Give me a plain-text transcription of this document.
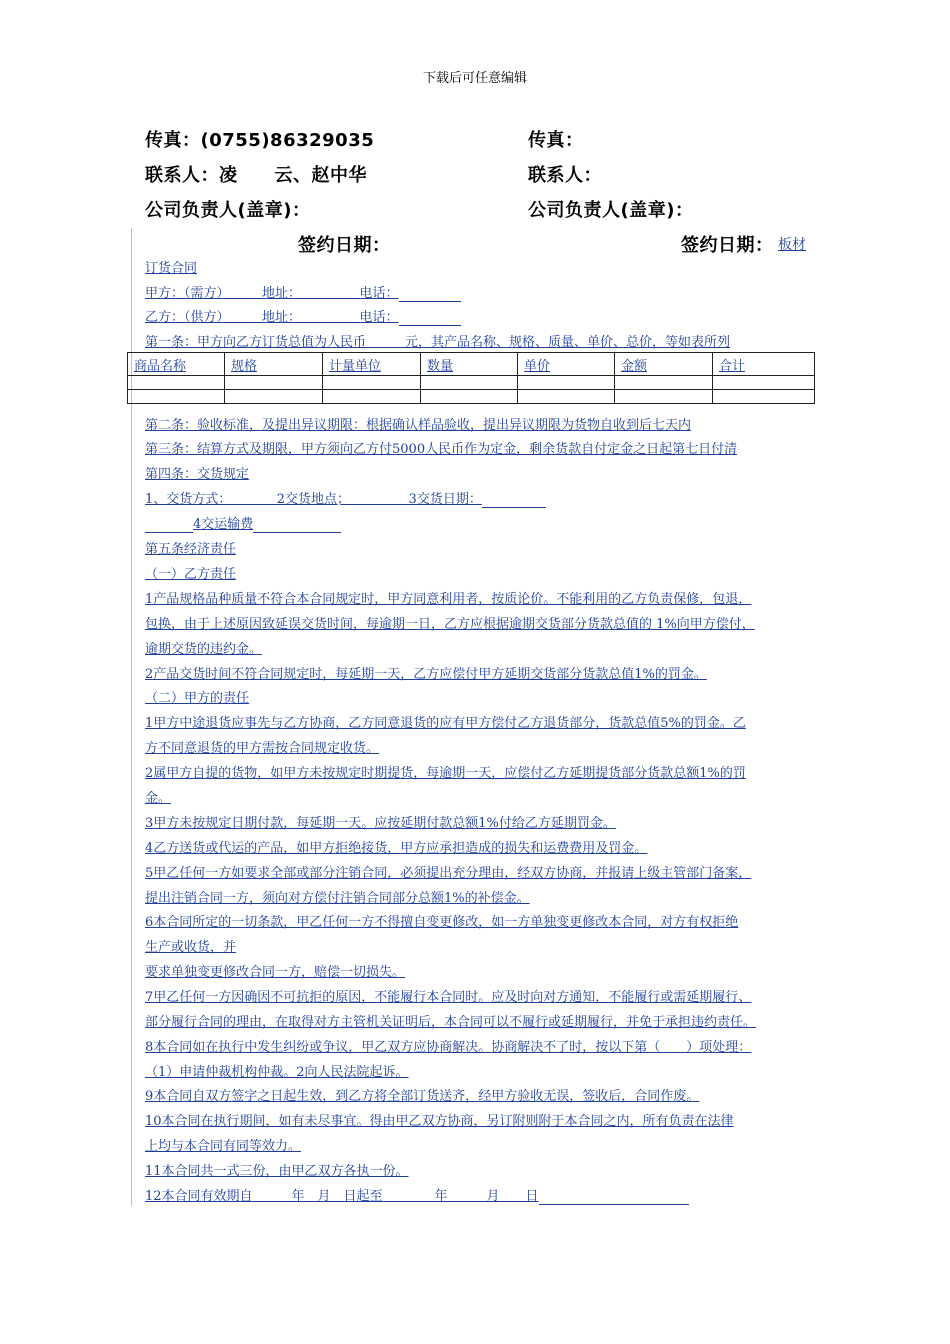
下载后可任意编辑
传真：(0755)86329035	传真：
联系人：凌　　云、赵中华	联系人：
公司负责人(盖章)：	公司负责人(盖章)：
签约日期：	签约日期： 板材
订货合同
甲方：（需方）　　　地址：　　　　　电话：
乙方：（供方）　　　地址：　　　　　电话：
第一条：甲方向乙方订货总值为人民币　　　元，其产品名称、规格、质量、单价、总价，等如表所列
商品名称	规格	计量单位	数量	单价	金额	合计

第二条：验收标准，及提出异议期限：根据确认样品验收，提出异议期限为货物自收到后七天内
第三条：结算方式及期限，甲方须向乙方付5000人民币作为定金，剩余货款自付定金之日起第七日付清
第四条：交货规定
1、交货方式：　　　　2交货地点；　　　　　3交货日期：
4交运输费
第五条经济责任
（一）乙方责任
1产品规格品种质量不符合本合同规定时，甲方同意利用者，按质论价。不能利用的乙方负责保修，包退，
包换，由于上述原因致延误交货时间，每逾期一日，乙方应根据逾期交货部分货款总值的 1%向甲方偿付，
逾期交货的违约金。
2产品交货时间不符合同规定时，每延期一天，乙方应偿付甲方延期交货部分货款总值1%的罚金。
（二）甲方的责任
1甲方中途退货应事先与乙方协商，乙方同意退货的应有甲方偿付乙方退货部分，货款总值5%的罚金。乙
方不同意退货的甲方需按合同规定收货。
2属甲方自提的货物，如甲方未按规定时期提货，每逾期一天，应偿付乙方延期提货部分货款总额1%的罚
金。
3甲方未按规定日期付款，每延期一天。应按延期付款总额1%付给乙方延期罚金。
4乙方送货或代运的产品，如甲方拒绝接货，甲方应承担造成的损失和运费费用及罚金。
5甲乙任何一方如要求全部或部分注销合同，必须提出充分理由，经双方协商，并报请上级主管部门备案，
提出注销合同一方，须向对方偿付注销合同部分总额1%的补偿金。
6本合同所定的一切条款，甲乙任何一方不得擅自变更修改，如一方单独变更修改本合同，对方有权拒绝
生产或收货，并
要求单独变更修改合同一方，赔偿一切损失。
7甲乙任何一方因确因不可抗拒的原因，不能履行本合同时。应及时向对方通知，不能履行或需延期履行、
部分履行合同的理由，在取得对方主管机关证明后，本合同可以不履行或延期履行，并免于承担违约责任。
8本合同如在执行中发生纠纷或争议，甲乙双方应协商解决。协商解决不了时，按以下第（　　）项处理：
（1）申请仲裁机构仲裁。2向人民法院起诉。
9本合同自双方签字之日起生效，到乙方将全部订货送齐，经甲方验收无误，签收后，合同作废。
10本合同在执行期间，如有未尽事宜。得由甲乙双方协商，另订附则附于本合同之内，所有负责在法律
上均与本合同有同等效力。
11本合同共一式三份，由甲乙双方各执一份。
12本合同有效期自　　　年　月　日起至　　　　年　　　月　　日
